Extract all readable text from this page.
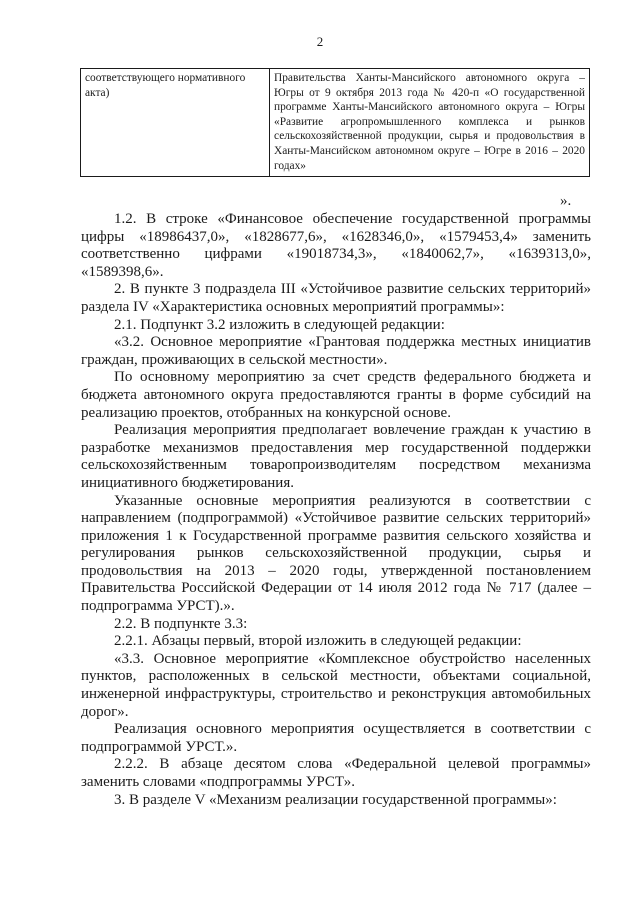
2
соответствующего нормативного акта)	Правительства Ханты-Мансийского автономного округа – Югры от 9 октября 2013 года № 420-п «О государственной программе Ханты-Мансийского автономного округа – Югры «Развитие агропромышленного комплекса и рынков сельскохозяйственной продукции, сырья и продовольствия в Ханты-Мансийском автономном округе – Югре в 2016 – 2020 годах»
».

1.2. В строке «Финансовое обеспечение государственной программы цифры «18986437,0», «1828677,6», «1628346,0», «1579453,4» заменить соответственно цифрами «19018734,3», «1840062,7», «1639313,0», «1589398,6».

2. В пункте 3 подраздела III «Устойчивое развитие сельских территорий» раздела IV «Характеристика основных мероприятий программы»:

2.1. Подпункт 3.2 изложить в следующей редакции:

«3.2. Основное мероприятие «Грантовая поддержка местных инициатив граждан, проживающих в сельской местности».

По основному мероприятию за счет средств федерального бюджета и бюджета автономного округа предоставляются гранты в форме субсидий на реализацию проектов, отобранных на конкурсной основе.

Реализация мероприятия предполагает вовлечение граждан к участию в разработке механизмов предоставления мер государственной поддержки сельскохозяйственным товаропроизводителям посредством механизма инициативного бюджетирования.

Указанные основные мероприятия реализуются в соответствии с направлением (подпрограммой) «Устойчивое развитие сельских территорий» приложения 1 к Государственной программе развития сельского хозяйства и регулирования рынков сельскохозяйственной продукции, сырья и продовольствия на 2013 – 2020 годы, утвержденной постановлением Правительства Российской Федерации от 14 июля 2012 года № 717 (далее – подпрограмма УРСТ).».

2.2. В подпункте 3.3:

2.2.1. Абзацы первый, второй изложить в следующей редакции:

«3.3. Основное мероприятие «Комплексное обустройство населенных пунктов, расположенных в сельской местности, объектами социальной, инженерной инфраструктуры, строительство и реконструкция автомобильных дорог».

Реализация основного мероприятия осуществляется в соответствии с подпрограммой УРСТ.».

2.2.2. В абзаце десятом слова «Федеральной целевой программы» заменить словами «подпрограммы УРСТ».

3. В разделе V «Механизм реализации государственной программы»:
